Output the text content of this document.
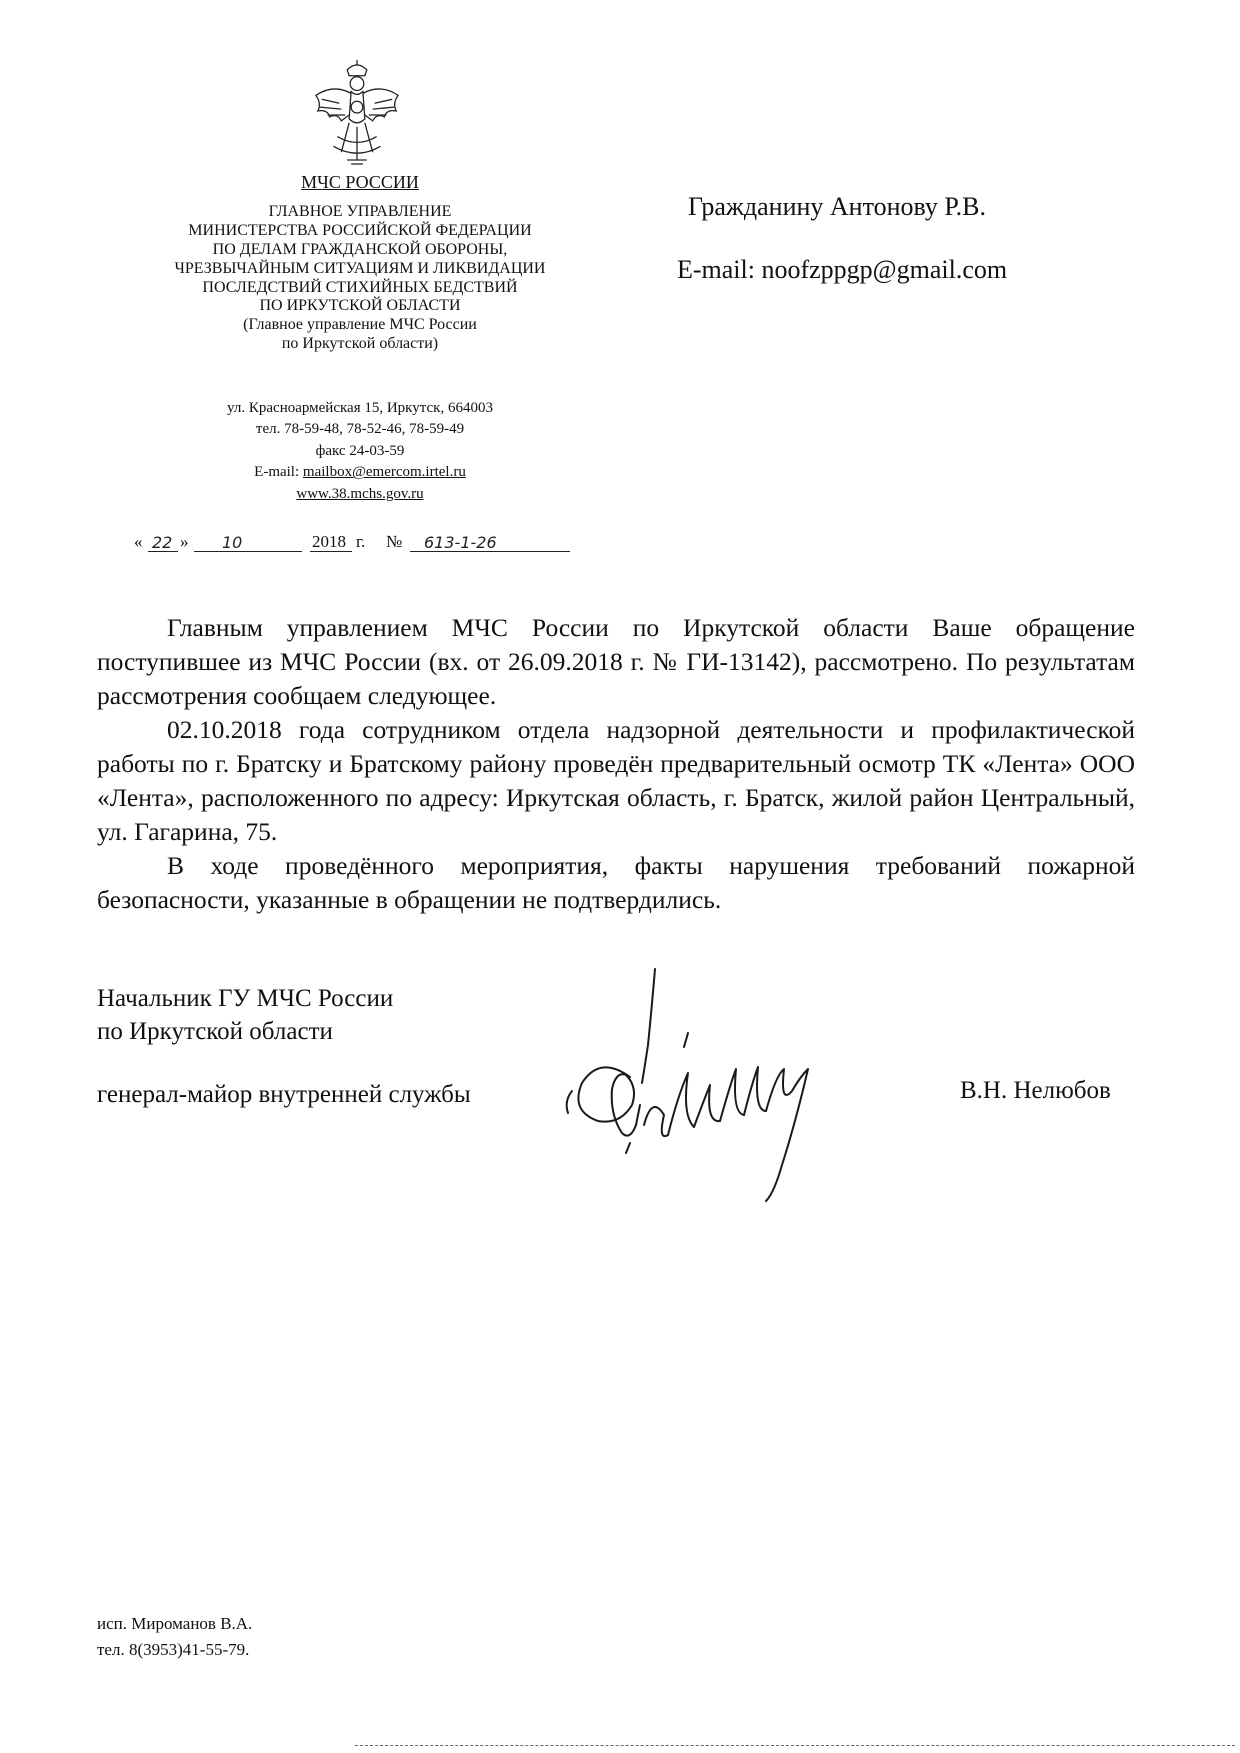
МЧС РОССИИ
ГЛАВНОЕ УПРАВЛЕНИЕ
МИНИСТЕРСТВА РОССИЙСКОЙ ФЕДЕРАЦИИ
ПО ДЕЛАМ ГРАЖДАНСКОЙ ОБОРОНЫ,
ЧРЕЗВЫЧАЙНЫМ СИТУАЦИЯМ И ЛИКВИДАЦИИ
ПОСЛЕДСТВИЙ СТИХИЙНЫХ БЕДСТВИЙ
ПО ИРКУТСКОЙ ОБЛАСТИ
(Главное управление МЧС России
по Иркутской области)
ул. Красноармейская 15, Иркутск, 664003
тел. 78-59-48, 78-52-46, 78-59-49
факс 24-03-59
E-mail: mailbox@emercom.irtel.ru
www.38.mchs.gov.ru
« 22 » 10	2018 г. № 613-1-26
Гражданину Антонову Р.В.
E-mail: noofzppgp@gmail.com

Главным управлением МЧС России по Иркутской области Ваше обращение поступившее из МЧС России (вх. от 26.09.2018 г. № ГИ-13142), рассмотрено. По результатам рассмотрения сообщаем следующее.

02.10.2018 года сотрудником отдела надзорной деятельности и профилактической работы по г. Братску и Братскому району проведён предварительный осмотр ТК «Лента» ООО «Лента», расположенного по адресу: Иркутская область, г. Братск, жилой район Центральный, ул. Гагарина, 75.

В ходе проведённого мероприятия, факты нарушения требований пожарной безопасности, указанные в обращении не подтвердились.

Начальник ГУ МЧС России
по Иркутской области
генерал-майор внутренней службы	В.Н. Нелюбов
исп. Мироманов В.А.
тел. 8(3953)41-55-79.
